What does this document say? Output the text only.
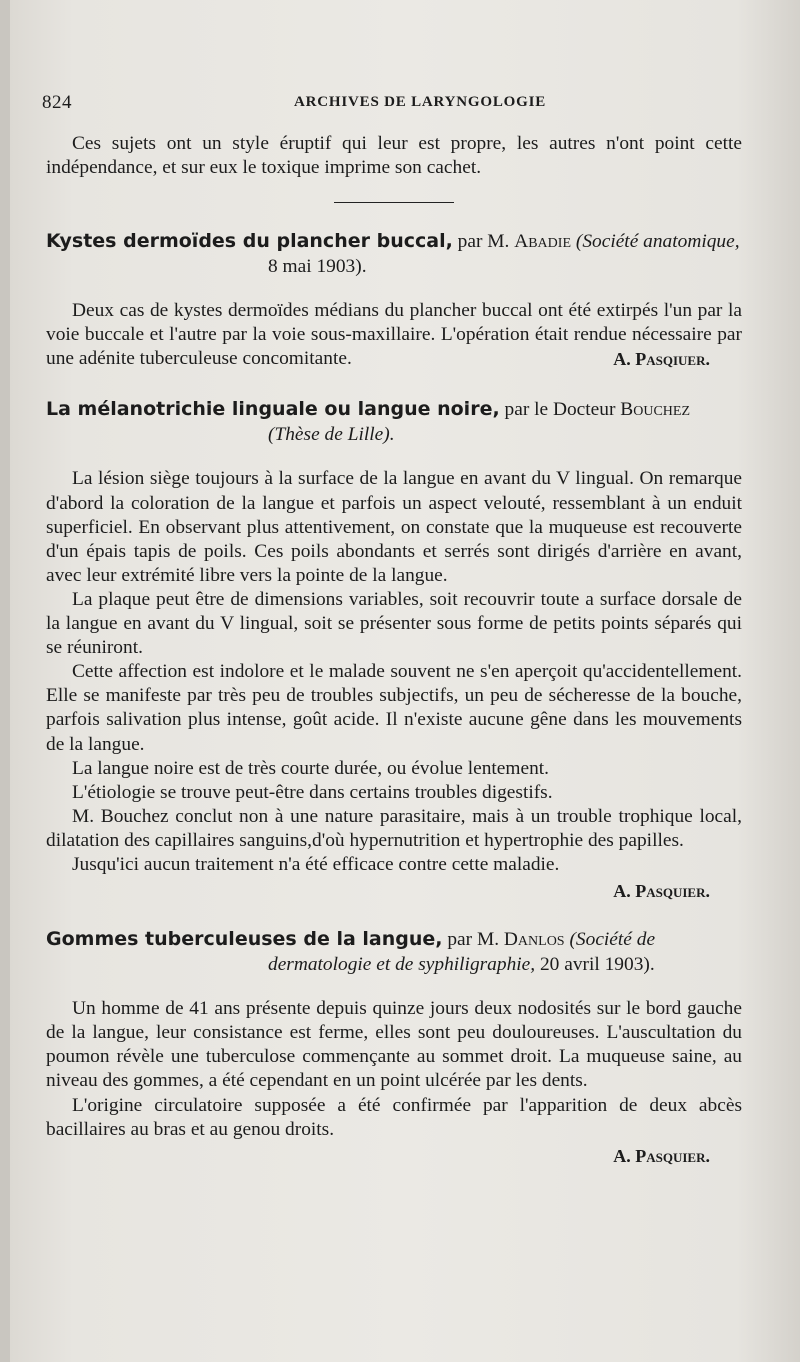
824	ARCHIVES DE LARYNGOLOGIE

Ces sujets ont un style éruptif qui leur est propre, les autres n'ont point cette indépendance, et sur eux le toxique imprime son cachet.

Kystes dermoïdes du plancher buccal, par M. Abadie (Société anatomique, 8 mai 1903).

Deux cas de kystes dermoïdes médians du plancher buccal ont été extirpés l'un par la voie buccale et l'autre par la voie sous-maxillaire. L'opération était rendue nécessaire par une adénite tuberculeuse concomitante.	A. Pasqiuer.

La mélanotrichie linguale ou langue noire, par le Docteur Bouchez (Thèse de Lille).

La lésion siège toujours à la surface de la langue en avant du V lingual. On remarque d'abord la coloration de la langue et parfois un aspect velouté, ressemblant à un enduit superficiel. En observant plus attentivement, on constate que la muqueuse est recouverte d'un épais tapis de poils. Ces poils abondants et serrés sont dirigés d'arrière en avant, avec leur extrémité libre vers la pointe de la langue.

La plaque peut être de dimensions variables, soit recouvrir toute a surface dorsale de la langue en avant du V lingual, soit se présenter sous forme de petits points séparés qui se réuniront.

Cette affection est indolore et le malade souvent ne s'en aperçoit qu'accidentellement. Elle se manifeste par très peu de troubles subjectifs, un peu de sécheresse de la bouche, parfois salivation plus intense, goût acide. Il n'existe aucune gêne dans les mouvements de la langue.

La langue noire est de très courte durée, ou évolue lentement.

L'étiologie se trouve peut-être dans certains troubles digestifs.

M. Bouchez conclut non à une nature parasitaire, mais à un trouble trophique local, dilatation des capillaires sanguins,d'où hypernutrition et hypertrophie des papilles.

Jusqu'ici aucun traitement n'a été efficace contre cette maladie.

A. Pasquier.

Gommes tuberculeuses de la langue, par M. Danlos (Société de dermatologie et de syphiligraphie, 20 avril 1903).

Un homme de 41 ans présente depuis quinze jours deux nodosités sur le bord gauche de la langue, leur consistance est ferme, elles sont peu douloureuses. L'auscultation du poumon révèle une tuberculose commençante au sommet droit. La muqueuse saine, au niveau des gommes, a été cependant en un point ulcérée par les dents.

L'origine circulatoire supposée a été confirmée par l'apparition de deux abcès bacillaires au bras et au genou droits.

A. Pasquier.
